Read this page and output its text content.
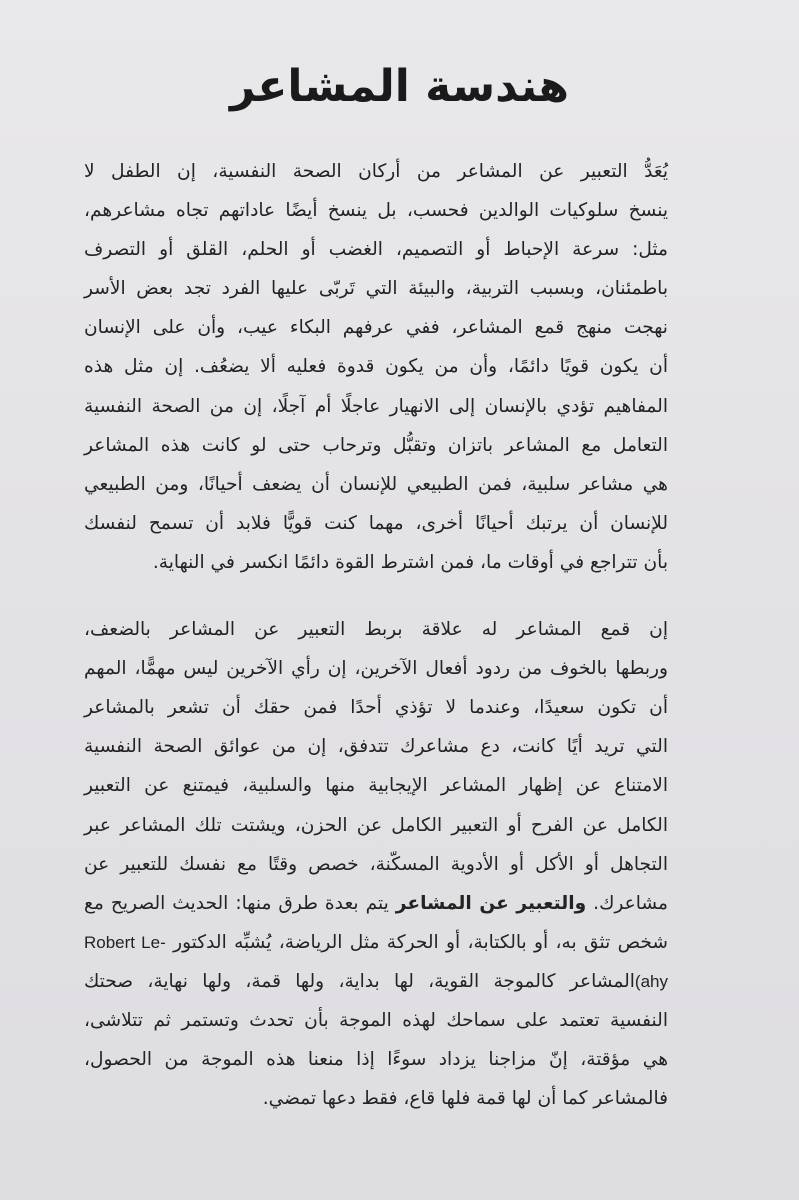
هندسة المشاعر

يُعَدُّ التعبير عن المشاعر من أركان الصحة النفسية، إن الطفل لا
ينسخ سلوكيات الوالدين فحسب، بل ينسخ أيضًا عاداتهم تجاه مشاعرهم،
مثل: سرعة الإحباط أو التصميم، الغضب أو الحلم، القلق أو التصرف
باطمئنان، وبسبب التربية، والبيئة التي تَربّى عليها الفرد تجد بعض الأسر
نهجت منهج قمع المشاعر، ففي عرفهم البكاء عيب، وأن على الإنسان
أن يكون قويًا دائمًا، وأن من يكون قدوة فعليه ألا يضعُف. إن مثل هذه
المفاهيم تؤدي بالإنسان إلى الانهيار عاجلًا أم آجلًا، إن من الصحة النفسية
التعامل مع المشاعر باتزان وتقبُّل وترحاب حتى لو كانت هذه المشاعر
هي مشاعر سلبية، فمن الطبيعي للإنسان أن يضعف أحيانًا، ومن الطبيعي
للإنسان أن يرتبك أحيانًا أخرى، مهما كنت قويًّا فلابد أن تسمح لنفسك
بأن تتراجع في أوقات ما، فمن اشترط القوة دائمًا انكسر في النهاية.

إن قمع المشاعر له علاقة بربط التعبير عن المشاعر بالضعف،
وربطها بالخوف من ردود أفعال الآخرين، إن رأي الآخرين ليس مهمًّا، المهم
أن تكون سعيدًا، وعندما لا تؤذي أحدًا فمن حقك أن تشعر بالمشاعر
التي تريد أيًا كانت، دع مشاعرك تتدفق، إن من عوائق الصحة النفسية
الامتناع عن إظهار المشاعر الإيجابية منها والسلبية، فيمتنع عن التعبير
الكامل عن الفرح أو التعبير الكامل عن الحزن، ويشتت تلك المشاعر عبر
التجاهل أو الأكل أو الأدوية المسكّنة، خصص وقتًا مع نفسك للتعبير عن
مشاعرك. والتعبير عن المشاعر يتم بعدة طرق منها: الحديث الصريح مع
شخص تثق به، أو بالكتابة، أو الحركة مثل الرياضة، يُشبِّه الدكتور Robert Le-
(ahyالمشاعر كالموجة القوية، لها بداية، ولها قمة، ولها نهاية، صحتك
النفسية تعتمد على سماحك لهذه الموجة بأن تحدث وتستمر ثم تتلاشى،
هي مؤقتة، إنّ مزاجنا يزداد سوءًا إذا منعنا هذه الموجة من الحصول،
فالمشاعر كما أن لها قمة فلها قاع، فقط دعها تمضي.
